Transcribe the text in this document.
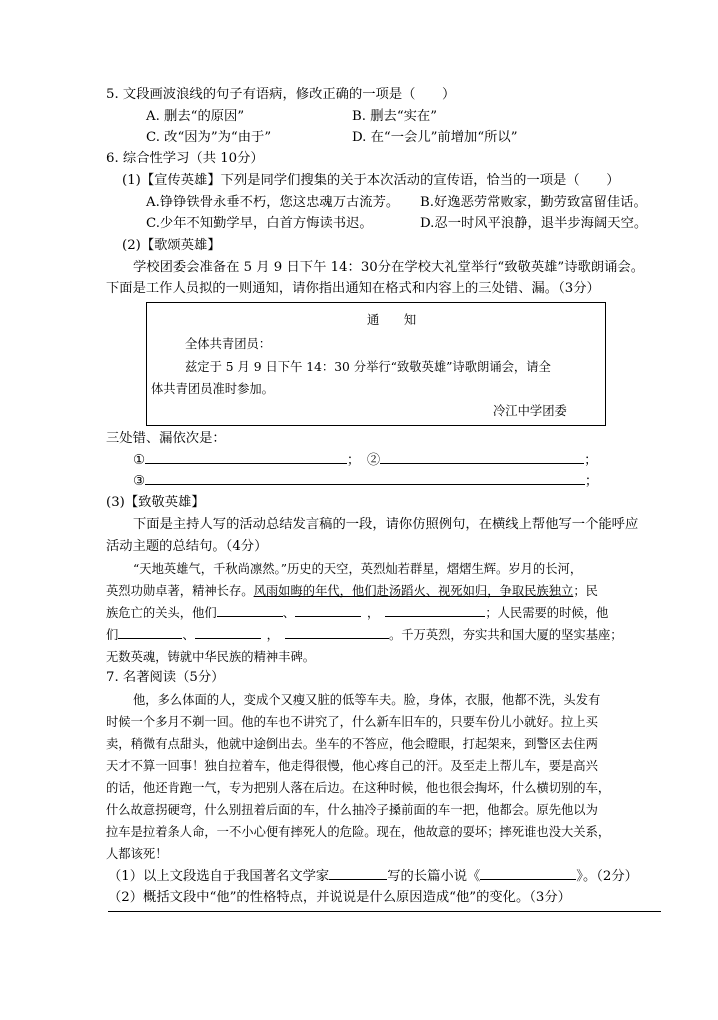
5. 文段画波浪线的句子有语病，修改正确的一项是（　　）
A. 删去“的原因”	B. 删去“实在”
C. 改“因为”为“由于”	D. 在“一会儿”前增加“所以”
6. 综合性学习（共 10分）
(1)【宣传英雄】下列是同学们搜集的关于本次活动的宣传语，恰当的一项是（　　）
A.铮铮铁骨永垂不朽，您这忠魂万古流芳。 B.好逸恶劳常败家，勤劳致富留佳话。
C.少年不知勤学早，白首方悔读书迟。	D.忍一时风平浪静，退半步海阔天空。
(2)【歌颂英雄】
学校团委会准备在 5 月 9 日下午 14：30分在学校大礼堂举行“致敬英雄”诗歌朗诵会。
下面是工作人员拟的一则通知，请你指出通知在格式和内容上的三处错、漏。（3分）
通　　知
全体共青团员：
兹定于 5 月 9 日下午 14：30 分举行“致敬英雄”诗歌朗诵会，请全
体共青团员准时参加。
冷江中学团委
三处错、漏依次是：
①	；　②	；
③	；
(3)【致敬英雄】
下面是主持人写的活动总结发言稿的一段，请你仿照例句，在横线上帮他写一个能呼应
活动主题的总结句。（4分）
“天地英雄气，千秋尚凛然。”历史的天空，英烈灿若群星，熠熠生辉。岁月的长河，
英烈功勋卓著，精神长存。风雨如晦的年代，他们赴汤蹈火、视死如归，争取民族独立；民
族危亡的关头，他们	、	，	；人民需要的时候，他
们	、	，	。千万英烈，夯实共和国大厦的坚实基座；
无数英魂，铸就中华民族的精神丰碑。
7. 名著阅读（5分）
他，多么体面的人，变成个又瘦又脏的低等车夫。脸，身体，衣服，他都不洗，头发有
时候一个多月不剃一回。他的车也不讲究了，什么新车旧车的，只要车份儿小就好。拉上买
卖，稍微有点甜头，他就中途倒出去。坐车的不答应，他会瞪眼，打起架来，到警区去住两
天才不算一回事！独自拉着车，他走得很慢，他心疼自己的汗。及至走上帮儿车，要是高兴
的话，他还肯跑一气，专为把别人落在后边。在这种时候，他也很会掏坏，什么横切别的车，
什么故意拐硬弯，什么别扭着后面的车，什么抽冷子搡前面的车一把，他都会。原先他以为
拉车是拉着条人命，一不小心便有摔死人的危险。现在，他故意的耍坏；摔死谁也没大关系，
人都该死！
（1）以上文段选自于我国著名文学家	写的长篇小说《	》。（2分）
（2）概括文段中“他”的性格特点，并说说是什么原因造成“他”的变化。（3分）
